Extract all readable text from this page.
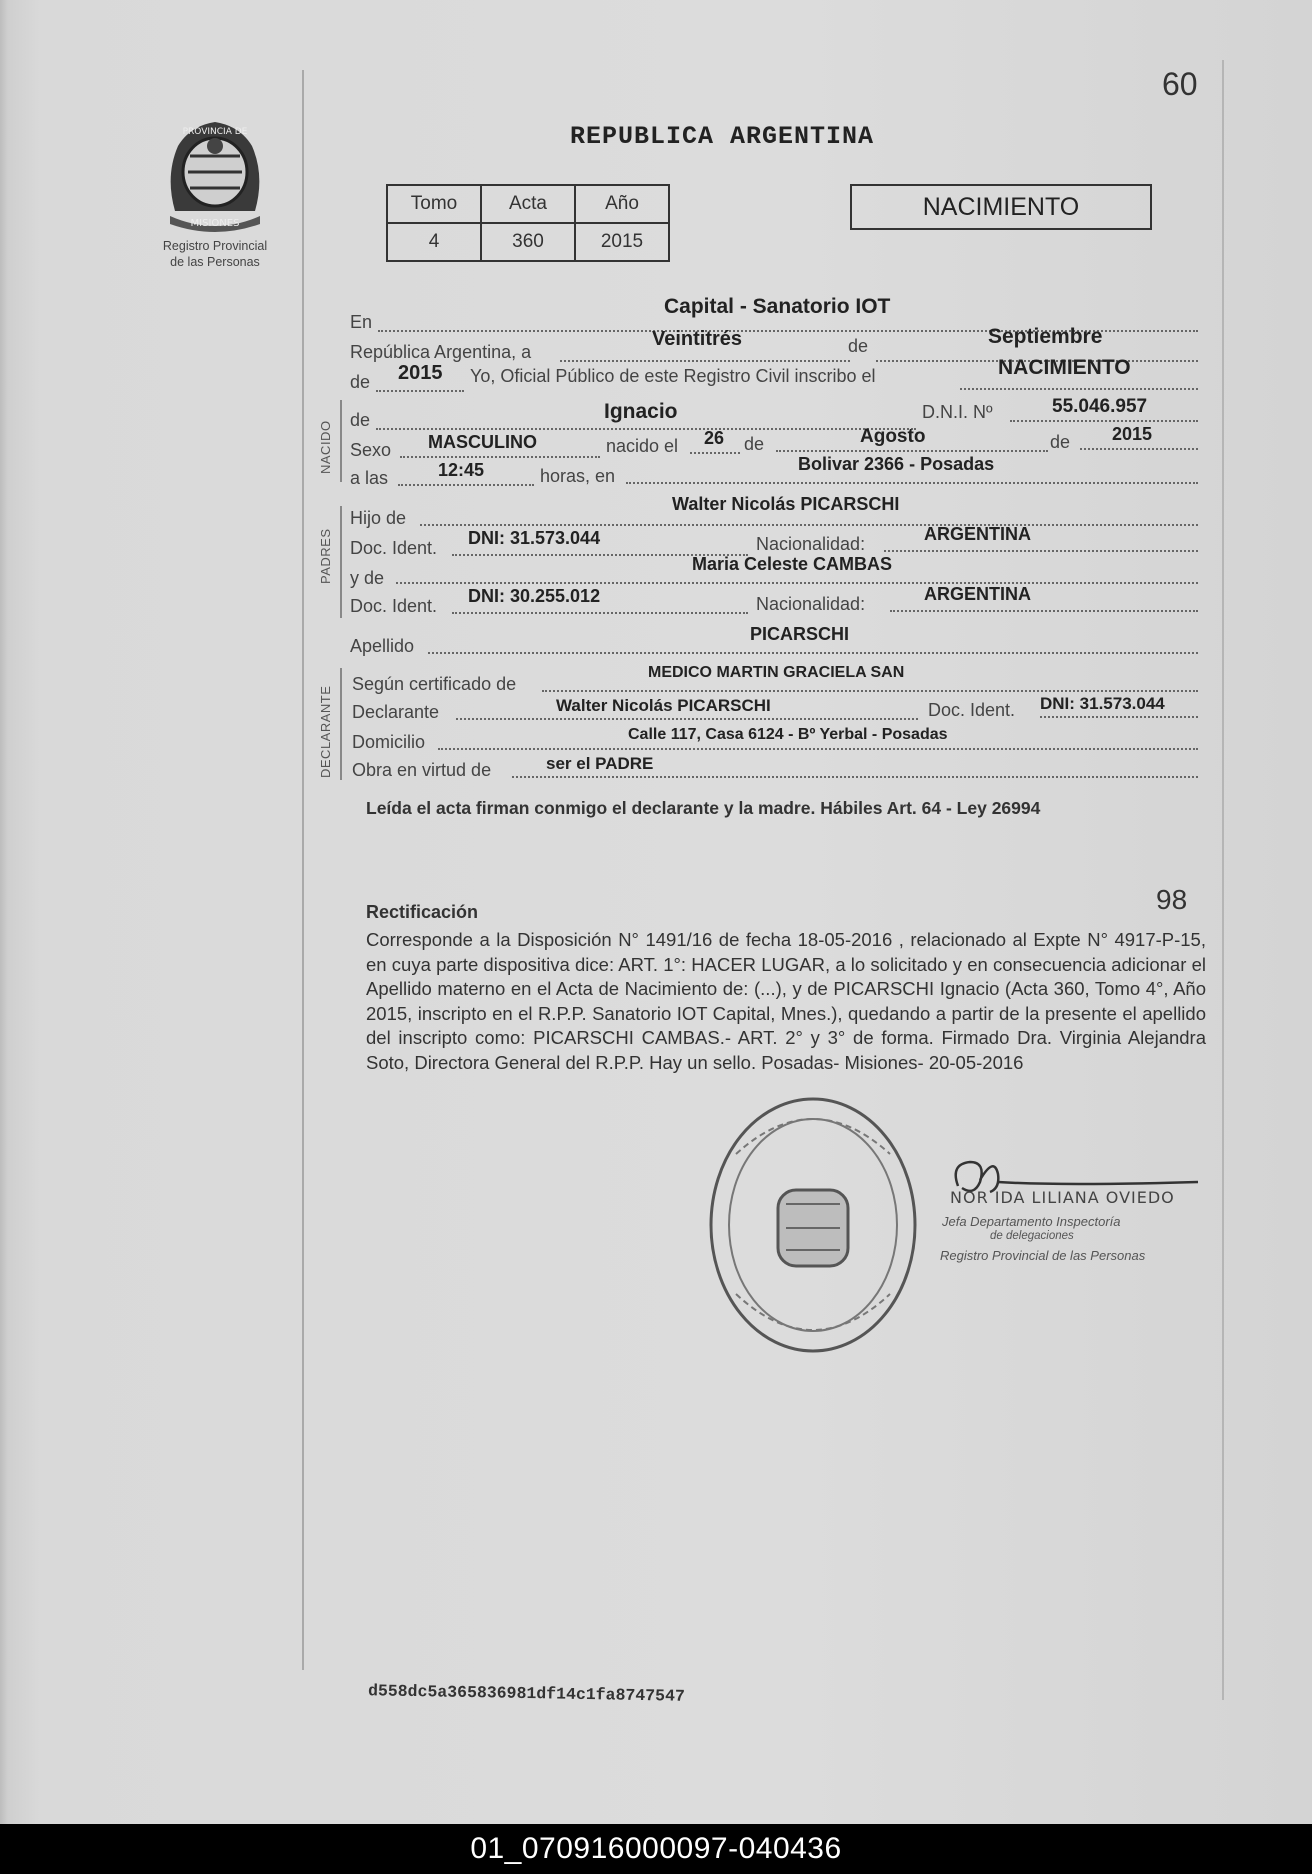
60
PROVINCIA DE
MISIONES
Registro Provincial
de las Personas
REPUBLICA ARGENTINA
Tomo	Acta	Año
4	360	2015
NACIMIENTO
En
Capital - Sanatorio IOT
República Argentina, a
Veintitrés	de	Septiembre
de 2015 Yo, Oficial Público de este Registro Civil inscribo el	NACIMIENTO
NACIDO
de	Ignacio	D.N.I. Nº	55.046.957
Sexo MASCULINO	nacido el 26 de	Agosto	de 2015
a las	12:45	horas, en
Bolivar 2366 - Posadas
PADRES
Hijo de
Walter Nicolás PICARSCHI
Doc. Ident. DNI: 31.573.044	Nacionalidad:	ARGENTINA
y de
Maria Celeste CAMBAS
Doc. Ident. DNI: 30.255.012	Nacionalidad:	ARGENTINA
Apellido
PICARSCHI
DECLARANTE
Según certificado de
MEDICO MARTIN GRACIELA SAN
Declarante	Walter Nicolás PICARSCHI	Doc. Ident. DNI: 31.573.044
Domicilio	Calle 117, Casa 6124 - Bº Yerbal - Posadas
Obra en virtud de	ser el PADRE
Leída el acta firman conmigo el declarante y la madre. Hábiles Art. 64 - Ley 26994
Rectificación	98
Corresponde a la Disposición N° 1491/16 de fecha 18-05-2016 , relacionado al Expte N° 4917-P-15, en cuya parte dispositiva dice: ART. 1°: HACER LUGAR, a lo solicitado y en consecuencia adicionar el Apellido materno en el Acta de Nacimiento de: (...), y de PICARSCHI Ignacio (Acta 360, Tomo 4°, Año 2015, inscripto en el R.P.P. Sanatorio IOT Capital, Mnes.), quedando a partir de la presente el apellido del inscripto como: PICARSCHI CAMBAS.- ART. 2° y 3° de forma. Firmado Dra. Virginia Alejandra Soto, Directora General del R.P.P. Hay un sello. Posadas- Misiones- 20-05-2016
NOR IDA LILIANA OVIEDO
Jefa Departamento Inspectoría
de delegaciones
Registro Provincial de las Personas
d558dc5a365836981df14c1fa8747547
01_070916000097-040436
